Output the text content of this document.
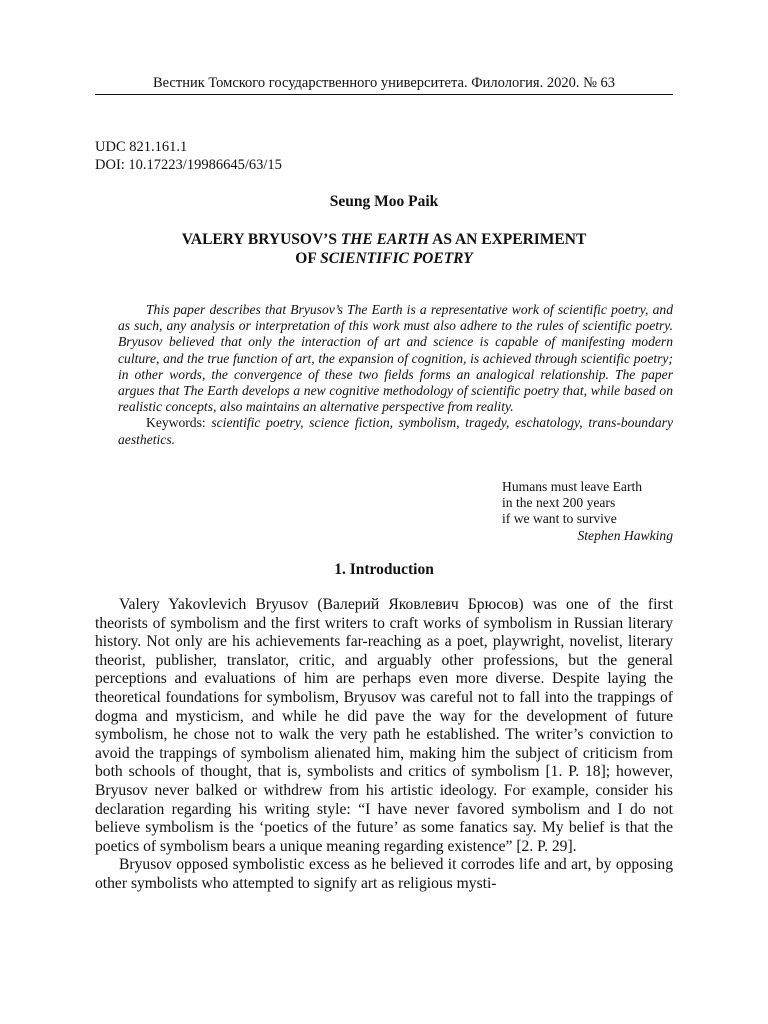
Вестник Томского государственного университета. Филология. 2020. № 63
UDC 821.161.1
DOI: 10.17223/19986645/63/15
Seung Moo Paik
VALERY BRYUSOV’S THE EARTH AS AN EXPERIMENT
OF SCIENTIFIC POETRY

This paper describes that Bryusov’s The Earth is a representative work of scientific poetry, and as such, any analysis or interpretation of this work must also adhere to the rules of scientific poetry. Bryusov believed that only the interaction of art and science is capable of manifesting modern culture, and the true function of art, the expansion of cognition, is achieved through scientific poetry; in other words, the convergence of these two fields forms an analogical relationship. The paper argues that The Earth develops a new cognitive methodology of scientific poetry that, while based on realistic concepts, also maintains an alternative perspective from reality.

Keywords: scientific poetry, science fiction, symbolism, tragedy, eschatology, trans-boundary aesthetics.

Humans must leave Earth
in the next 200 years
if we want to survive
Stephen Hawking
1. Introduction

Valery Yakovlevich Bryusov (Валерий Яковлевич Брюсов) was one of the first theorists of symbolism and the first writers to craft works of symbolism in Russian literary history. Not only are his achievements far-reaching as a poet, playwright, novelist, literary theorist, publisher, translator, critic, and arguably other professions, but the general perceptions and evaluations of him are perhaps even more diverse. Despite laying the theoretical foundations for symbolism, Bryusov was careful not to fall into the trappings of dogma and mysticism, and while he did pave the way for the development of future symbolism, he chose not to walk the very path he established. The writer’s conviction to avoid the trappings of symbolism alienated him, making him the subject of criticism from both schools of thought, that is, symbolists and critics of symbolism [1. P. 18]; however, Bryusov never balked or withdrew from his artistic ideology. For example, consider his declaration regarding his writing style: “I have never favored symbolism and I do not believe symbolism is the ‘poetics of the future’ as some fanatics say. My belief is that the poetics of symbolism bears a unique meaning regarding existence” [2. P. 29].

Bryusov opposed symbolistic excess as he believed it corrodes life and art, by opposing other symbolists who attempted to signify art as religious mysti-
